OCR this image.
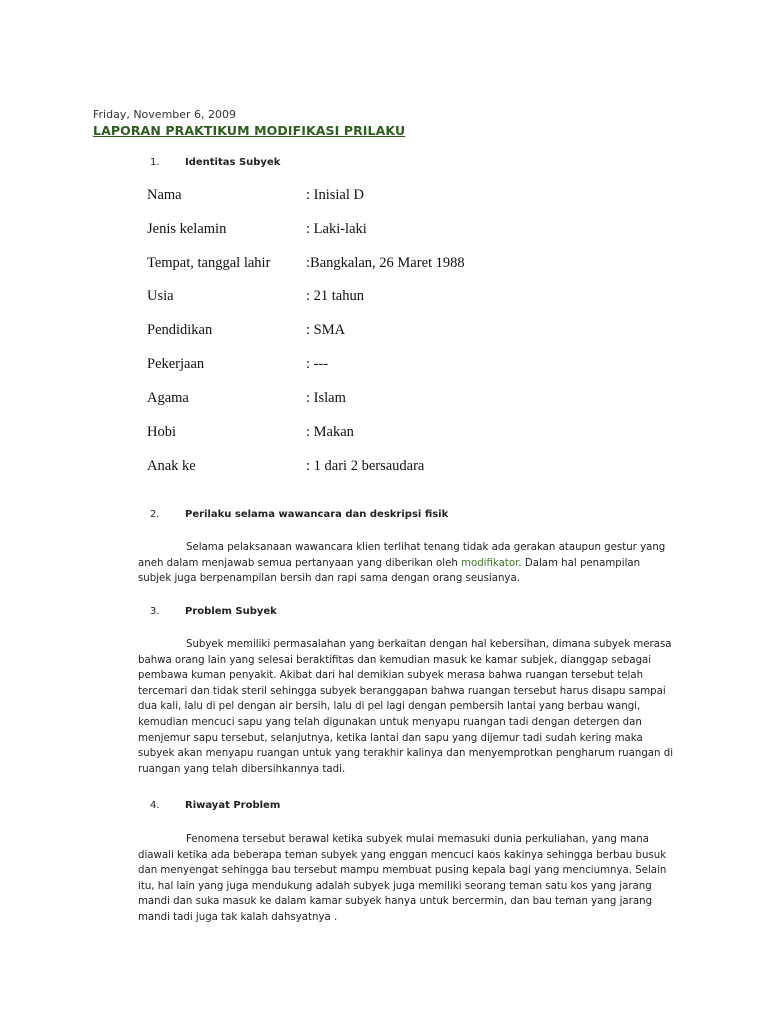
Friday, November 6, 2009

LAPORAN PRAKTIKUM MODIFIKASI PRILAKU

1.	Identitas Subyek

Nama	: Inisial D
Jenis kelamin	: Laki-laki
Tempat, tanggal lahir :Bangkalan, 26 Maret 1988
Usia	: 21 tahun
Pendidikan	: SMA
Pekerjaan	: ---
Agama	: Islam
Hobi	: Makan
Anak ke	: 1 dari 2 bersaudara

2.	Perilaku selama wawancara dan deskripsi fisik

Selama pelaksanaan wawancara klien terlihat tenang tidak ada gerakan ataupun gestur yang
aneh dalam menjawab semua pertanyaan yang diberikan oleh modifikator. Dalam hal penampilan
subjek juga berpenampilan bersih dan rapi sama dengan orang seusianya.

3.	Problem Subyek

Subyek memiliki permasalahan yang berkaitan dengan hal kebersihan, dimana subyek merasa
bahwa orang lain yang selesai beraktifitas dan kemudian masuk ke kamar subjek, dianggap sebagai
pembawa kuman penyakit. Akibat dari hal demikian subyek merasa bahwa ruangan tersebut telah
tercemari dan tidak steril sehingga subyek beranggapan bahwa ruangan tersebut harus disapu sampai
dua kali, lalu di pel dengan air bersih, lalu di pel lagi dengan pembersih lantai yang berbau wangi,
kemudian mencuci sapu yang telah digunakan untuk menyapu ruangan tadi dengan detergen dan
menjemur sapu tersebut, selanjutnya, ketika lantai dan sapu yang dijemur tadi sudah kering maka
subyek akan menyapu ruangan untuk yang terakhir kalinya dan menyemprotkan pengharum ruangan di
ruangan yang telah dibersihkannya tadi.

4.	Riwayat Problem

Fenomena tersebut berawal ketika subyek mulai memasuki dunia perkuliahan, yang mana
diawali ketika ada beberapa teman subyek yang enggan mencuci kaos kakinya sehingga berbau busuk
dan menyengat sehingga bau tersebut mampu membuat pusing kepala bagi yang menciumnya. Selain
itu, hal lain yang juga mendukung adalah subyek juga memiliki seorang teman satu kos yang jarang
mandi dan suka masuk ke dalam kamar subyek hanya untuk bercermin, dan bau teman yang jarang
mandi tadi juga tak kalah dahsyatnya .
